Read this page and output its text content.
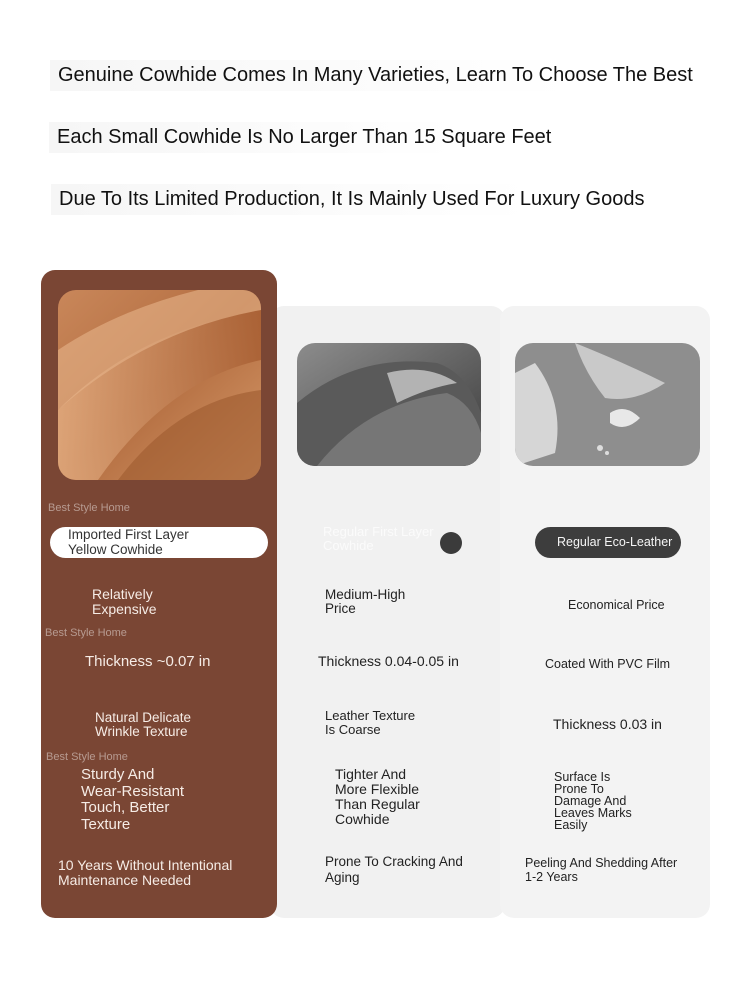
Genuine Cowhide Comes In Many Varieties, Learn To Choose The Best
Each Small Cowhide Is No Larger Than 15 Square Feet
Due To Its Limited Production, It Is Mainly Used For Luxury Goods
Best Style Home
Best Style Home
Best Style Home
Imported First Layer
Yellow Cowhide
Regular First Layer
Cowhide	Regular Eco-Leather
Relatively
Expensive
Thickness ~0.07 in
Natural Delicate
Wrinkle Texture
Sturdy And
Wear-Resistant
Touch, Better
Texture
10 Years Without Intentional
Maintenance Needed
Medium-High
Price
Thickness 0.04-0.05 in
Leather Texture
Is Coarse
Tighter And
More Flexible
Than Regular
Cowhide
Prone To Cracking And
Aging
Economical Price
Coated With PVC Film
Thickness 0.03 in
Surface Is
Prone To
Damage And
Leaves Marks
Easily
Peeling And Shedding After
1-2 Years
